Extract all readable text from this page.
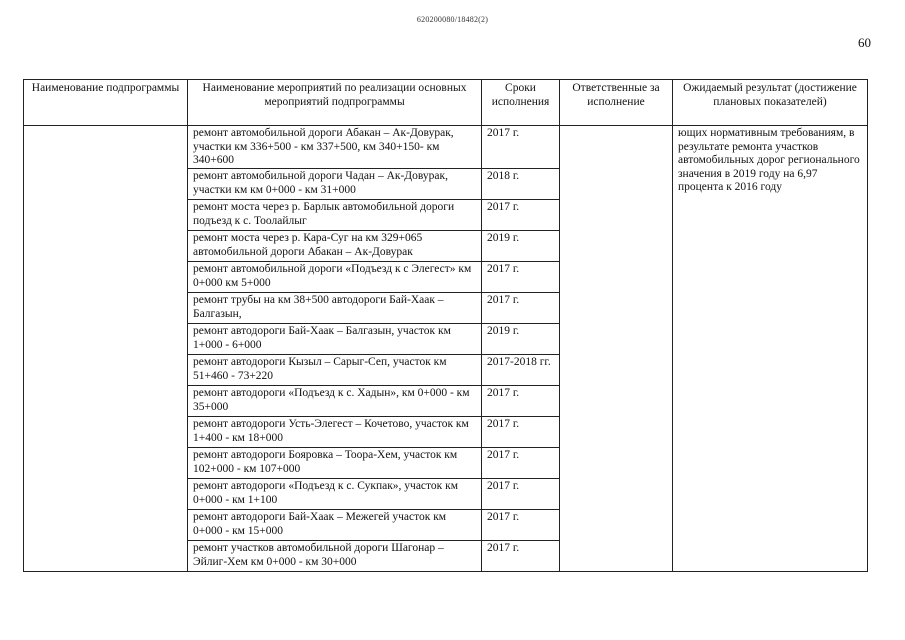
620200080/18482(2)
60
Наименование подпрограммы	Наименование мероприятий по реализации основных мероприятий подпрограммы	Сроки исполнения	Ответственные за исполнение	Ожидаемый результат (достижение плановых показателей)
	ремонт автомобильной дороги Абакан – Ак-Довурак, участки км 336+500 - км 337+500, км 340+150- км 340+600	2017 г.		ющих нормативным требованиям, в результате ремонта участков автомобильных дорог регионального значения в 2019 году на 6,97 процента к 2016 году
	ремонт автомобильной дороги Чадан – Ак-Довурак, участки км км 0+000 - км 31+000	2018 г.		
	ремонт моста через р. Барлык автомобильной дороги подъезд к с. Тоолайлыг	2017 г.		
	ремонт моста через р. Кара-Суг на км 329+065 автомобильной дороги Абакан – Ак-Довурак	2019 г.		
	ремонт автомобильной дороги «Подъезд к с Элегест» км 0+000 км 5+000	2017 г.		
	ремонт трубы на км 38+500 автодороги Бай-Хаак – Балгазын,	2017 г.		
	ремонт автодороги Бай-Хаак – Балгазын, участок км 1+000 - 6+000	2019 г.		
	ремонт автодороги Кызыл – Сарыг-Сеп, участок км 51+460 - 73+220	2017-2018 гг.		
	ремонт автодороги «Подъезд к с. Хадын», км 0+000 - км 35+000	2017 г.		
	ремонт автодороги Усть-Элегест – Кочетово, участок км 1+400 - км 18+000	2017 г.		
	ремонт автодороги Бояровка – Тоора-Хем, участок км 102+000 - км 107+000	2017 г.		
	ремонт автодороги «Подъезд к с. Сукпак», участок км 0+000 - км 1+100	2017 г.		
	ремонт автодороги Бай-Хаак – Межегей участок км 0+000 - км 15+000	2017 г.		
	ремонт участков автомобильной дороги Шагонар – Эйлиг-Хем км 0+000 - км 30+000	2017 г.		
